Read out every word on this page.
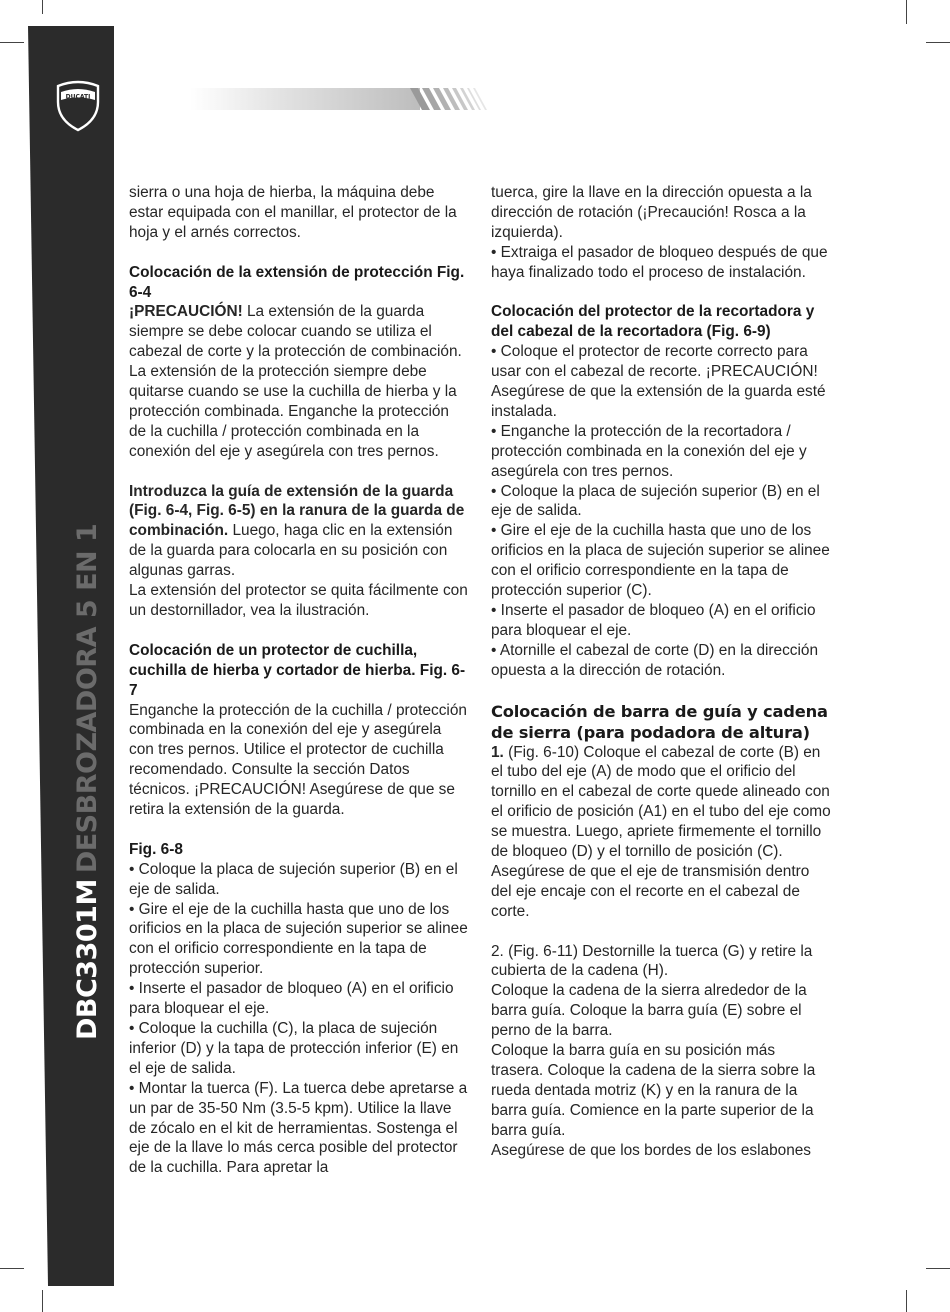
DUCATI
DBC3301MDESBROZADORA 5 EN 1

sierra o una hoja de hierba, la máquina debe estar equipada con el manillar, el protector de la hoja y el arnés correctos.

Colocación de la extensión de protección Fig. 6-4

¡PRECAUCIÓN! La extensión de la guarda siempre se debe colocar cuando se utiliza el cabezal de corte y la protección de combinación. La extensión de la protección siempre debe quitarse cuando se use la cuchilla de hierba y la protección combinada. Enganche la protección de la cuchilla / protección combinada en la conexión del eje y asegúrela con tres pernos.

Introduzca la guía de extensión de la guarda (Fig. 6-4, Fig. 6-5) en la ranura de la guarda de combinación. Luego, haga clic en la extensión de la guarda para colocarla en su posición con algunas garras.

La extensión del protector se quita fácilmente con un destornillador, vea la ilustración.

Colocación de un protector de cuchilla, cuchilla de hierba y cortador de hierba. Fig. 6-7

Enganche la protección de la cuchilla / protección combinada en la conexión del eje y asegúrela con tres pernos. Utilice el protector de cuchilla recomendado. Consulte la sección Datos técnicos. ¡PRECAUCIÓN! Asegúrese de que se retira la extensión de la guarda.

Fig. 6-8

• Coloque la placa de sujeción superior (B) en el eje de salida.

• Gire el eje de la cuchilla hasta que uno de los orificios en la placa de sujeción superior se alinee con el orificio correspondiente en la tapa de protección superior.

• Inserte el pasador de bloqueo (A) en el orificio para bloquear el eje.

• Coloque la cuchilla (C), la placa de sujeción inferior (D) y la tapa de protección inferior (E) en el eje de salida.

• Montar la tuerca (F). La tuerca debe apretarse a un par de 35-50 Nm (3.5-5 kpm). Utilice la llave de zócalo en el kit de herramientas. Sostenga el eje de la llave lo más cerca posible del protector de la cuchilla. Para apretar la

tuerca, gire la llave en la dirección opuesta a la dirección de rotación (¡Precaución! Rosca a la izquierda).

• Extraiga el pasador de bloqueo después de que haya finalizado todo el proceso de instalación.

Colocación del protector de la recortadora y del cabezal de la recortadora (Fig. 6-9)

• Coloque el protector de recorte correcto para usar con el cabezal de recorte. ¡PRECAUCIÓN! Asegúrese de que la extensión de la guarda esté instalada.

• Enganche la protección de la recortadora / protección combinada en la conexión del eje y asegúrela con tres pernos.

• Coloque la placa de sujeción superior (B) en el eje de salida.

• Gire el eje de la cuchilla hasta que uno de los orificios en la placa de sujeción superior se alinee con el orificio correspondiente en la tapa de protección superior (C).

• Inserte el pasador de bloqueo (A) en el orificio para bloquear el eje.

• Atornille el cabezal de corte (D) en la dirección opuesta a la dirección de rotación.

Colocación de barra de guía y cadena de sierra (para podadora de altura)

1. (Fig. 6-10) Coloque el cabezal de corte (B) en el tubo del eje (A) de modo que el orificio del tornillo en el cabezal de corte quede alineado con el orificio de posición (A1) en el tubo del eje como se muestra. Luego, apriete firmemente el tornillo de bloqueo (D) y el tornillo de posición (C).

Asegúrese de que el eje de transmisión dentro del eje encaje con el recorte en el cabezal de corte.

2. (Fig. 6-11) Destornille la tuerca (G) y retire la cubierta de la cadena (H).

Coloque la cadena de la sierra alrededor de la barra guía. Coloque la barra guía (E) sobre el perno de la barra.

Coloque la barra guía en su posición más trasera. Coloque la cadena de la sierra sobre la rueda dentada motriz (K) y en la ranura de la barra guía. Comience en la parte superior de la barra guía.

Asegúrese de que los bordes de los eslabones
